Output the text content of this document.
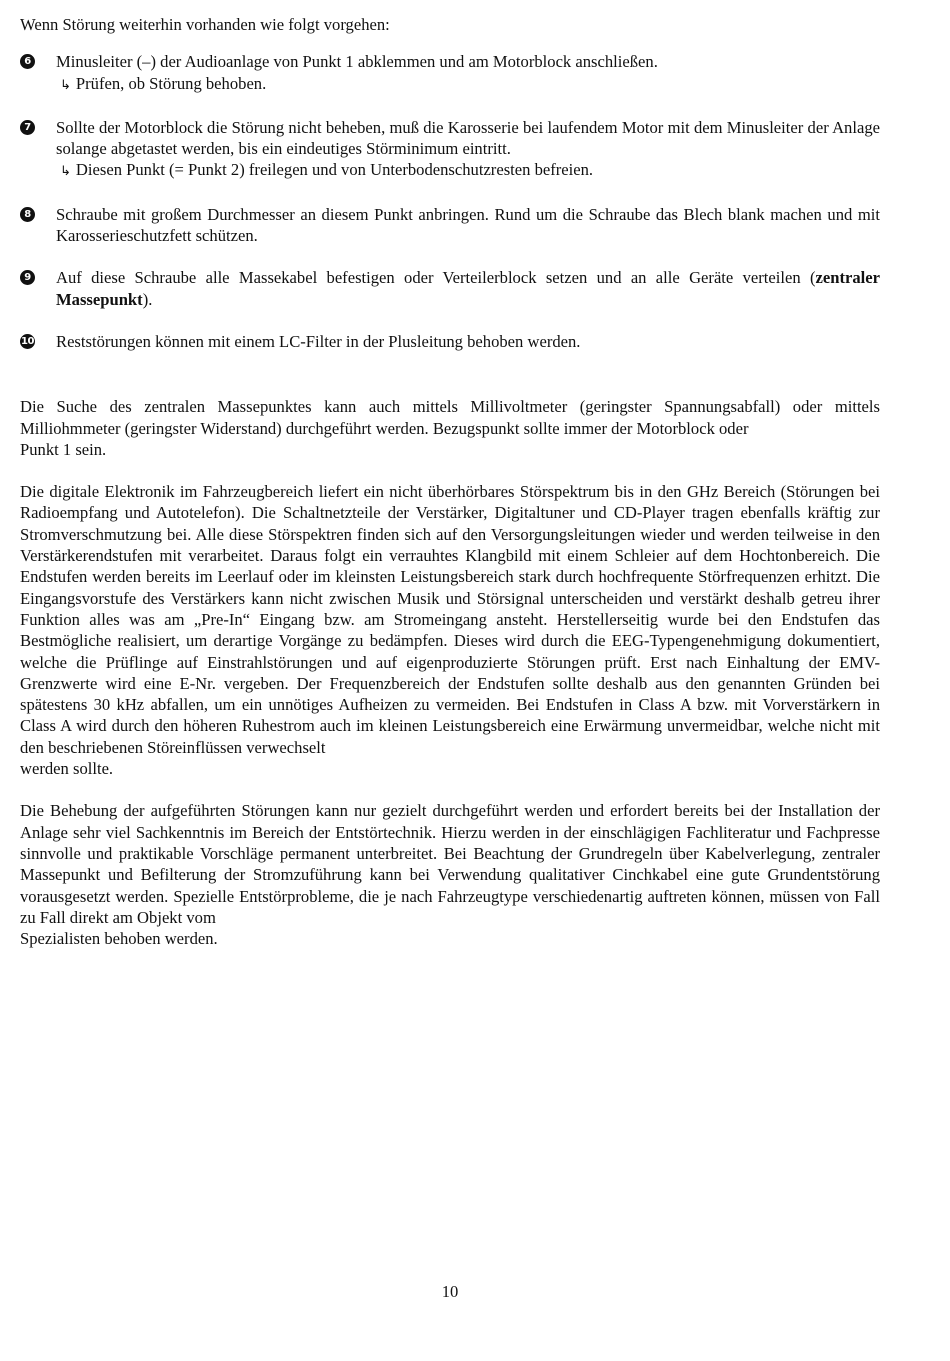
Wenn Störung weiterhin vorhanden wie folgt vorgehen:

6 Minusleiter (–) der Audioanlage von Punkt 1 abklemmen und am Motorblock anschließen.

↳ Prüfen, ob Störung behoben.
7 Sollte der Motorblock die Störung nicht beheben, muß die Karosserie bei laufendem Motor mit dem Minusleiter der Anlage solange abgetastet werden, bis ein eindeutiges Störminimum eintritt.

↳ Diesen Punkt (= Punkt 2) freilegen und von Unterbodenschutzresten befreien.
8 Schraube mit großem Durchmesser an diesem Punkt anbringen. Rund um die Schraube das Blech blank machen und mit Karosserieschutzfett schützen.

9 Auf diese Schraube alle Massekabel befestigen oder Verteilerblock setzen und an alle Geräte verteilen (zentraler Massepunkt).

10 Reststörungen können mit einem LC-Filter in der Plusleitung behoben werden.

Die Suche des zentralen Massepunktes kann auch mittels Millivoltmeter (geringster Spannungsabfall) oder mittels Milliohmmeter (geringster Widerstand) durchgeführt werden. Bezugspunkt sollte immer der Motorblock oder

Punkt 1 sein.

Die digitale Elektronik im Fahrzeugbereich liefert ein nicht überhörbares Störspektrum bis in den GHz Bereich (Störungen bei Radioempfang und Autotelefon). Die Schaltnetzteile der Verstärker, Digitaltuner und CD-Player tragen ebenfalls kräftig zur Stromverschmutzung bei. Alle diese Störspektren finden sich auf den Versorgungsleitungen wieder und werden teilweise in den Verstärkerendstufen mit verarbeitet. Daraus folgt ein verrauhtes Klangbild mit einem Schleier auf dem Hochtonbereich. Die Endstufen werden bereits im Leerlauf oder im kleinsten Leistungsbereich stark durch hochfrequente Störfrequenzen erhitzt. Die Eingangsvorstufe des Verstärkers kann nicht zwischen Musik und Störsignal unterscheiden und verstärkt deshalb getreu ihrer Funktion alles was am „Pre-In“ Eingang bzw. am Stromeingang ansteht. Herstellerseitig wurde bei den Endstufen das Bestmögliche realisiert, um derartige Vorgänge zu bedämpfen. Dieses wird durch die EEG-Typengenehmigung dokumentiert, welche die Prüflinge auf Einstrahlstörungen und auf eigenproduzierte Störungen prüft. Erst nach Einhaltung der EMV-Grenzwerte wird eine E-Nr. vergeben. Der Frequenzbereich der Endstufen sollte deshalb aus den genannten Gründen bei spätestens 30 kHz abfallen, um ein unnötiges Aufheizen zu vermeiden. Bei Endstufen in Class A bzw. mit Vorverstärkern in Class A wird durch den höheren Ruhestrom auch im kleinen Leistungsbereich eine Erwärmung unvermeidbar, welche nicht mit den beschriebenen Störeinflüssen verwechselt

werden sollte.

Die Behebung der aufgeführten Störungen kann nur gezielt durchgeführt werden und erfordert bereits bei der Installation der Anlage sehr viel Sachkenntnis im Bereich der Entstörtechnik. Hierzu werden in der einschlägigen Fachliteratur und Fachpresse sinnvolle und praktikable Vorschläge permanent unterbreitet. Bei Beachtung der Grundregeln über Kabelverlegung, zentraler Massepunkt und Befilterung der Stromzuführung kann bei Verwendung qualitativer Cinchkabel eine gute Grundentstörung vorausgesetzt werden. Spezielle Entstörprobleme, die je nach Fahrzeugtype verschiedenartig auftreten können, müssen von Fall zu Fall direkt am Objekt vom

Spezialisten behoben werden.

10
